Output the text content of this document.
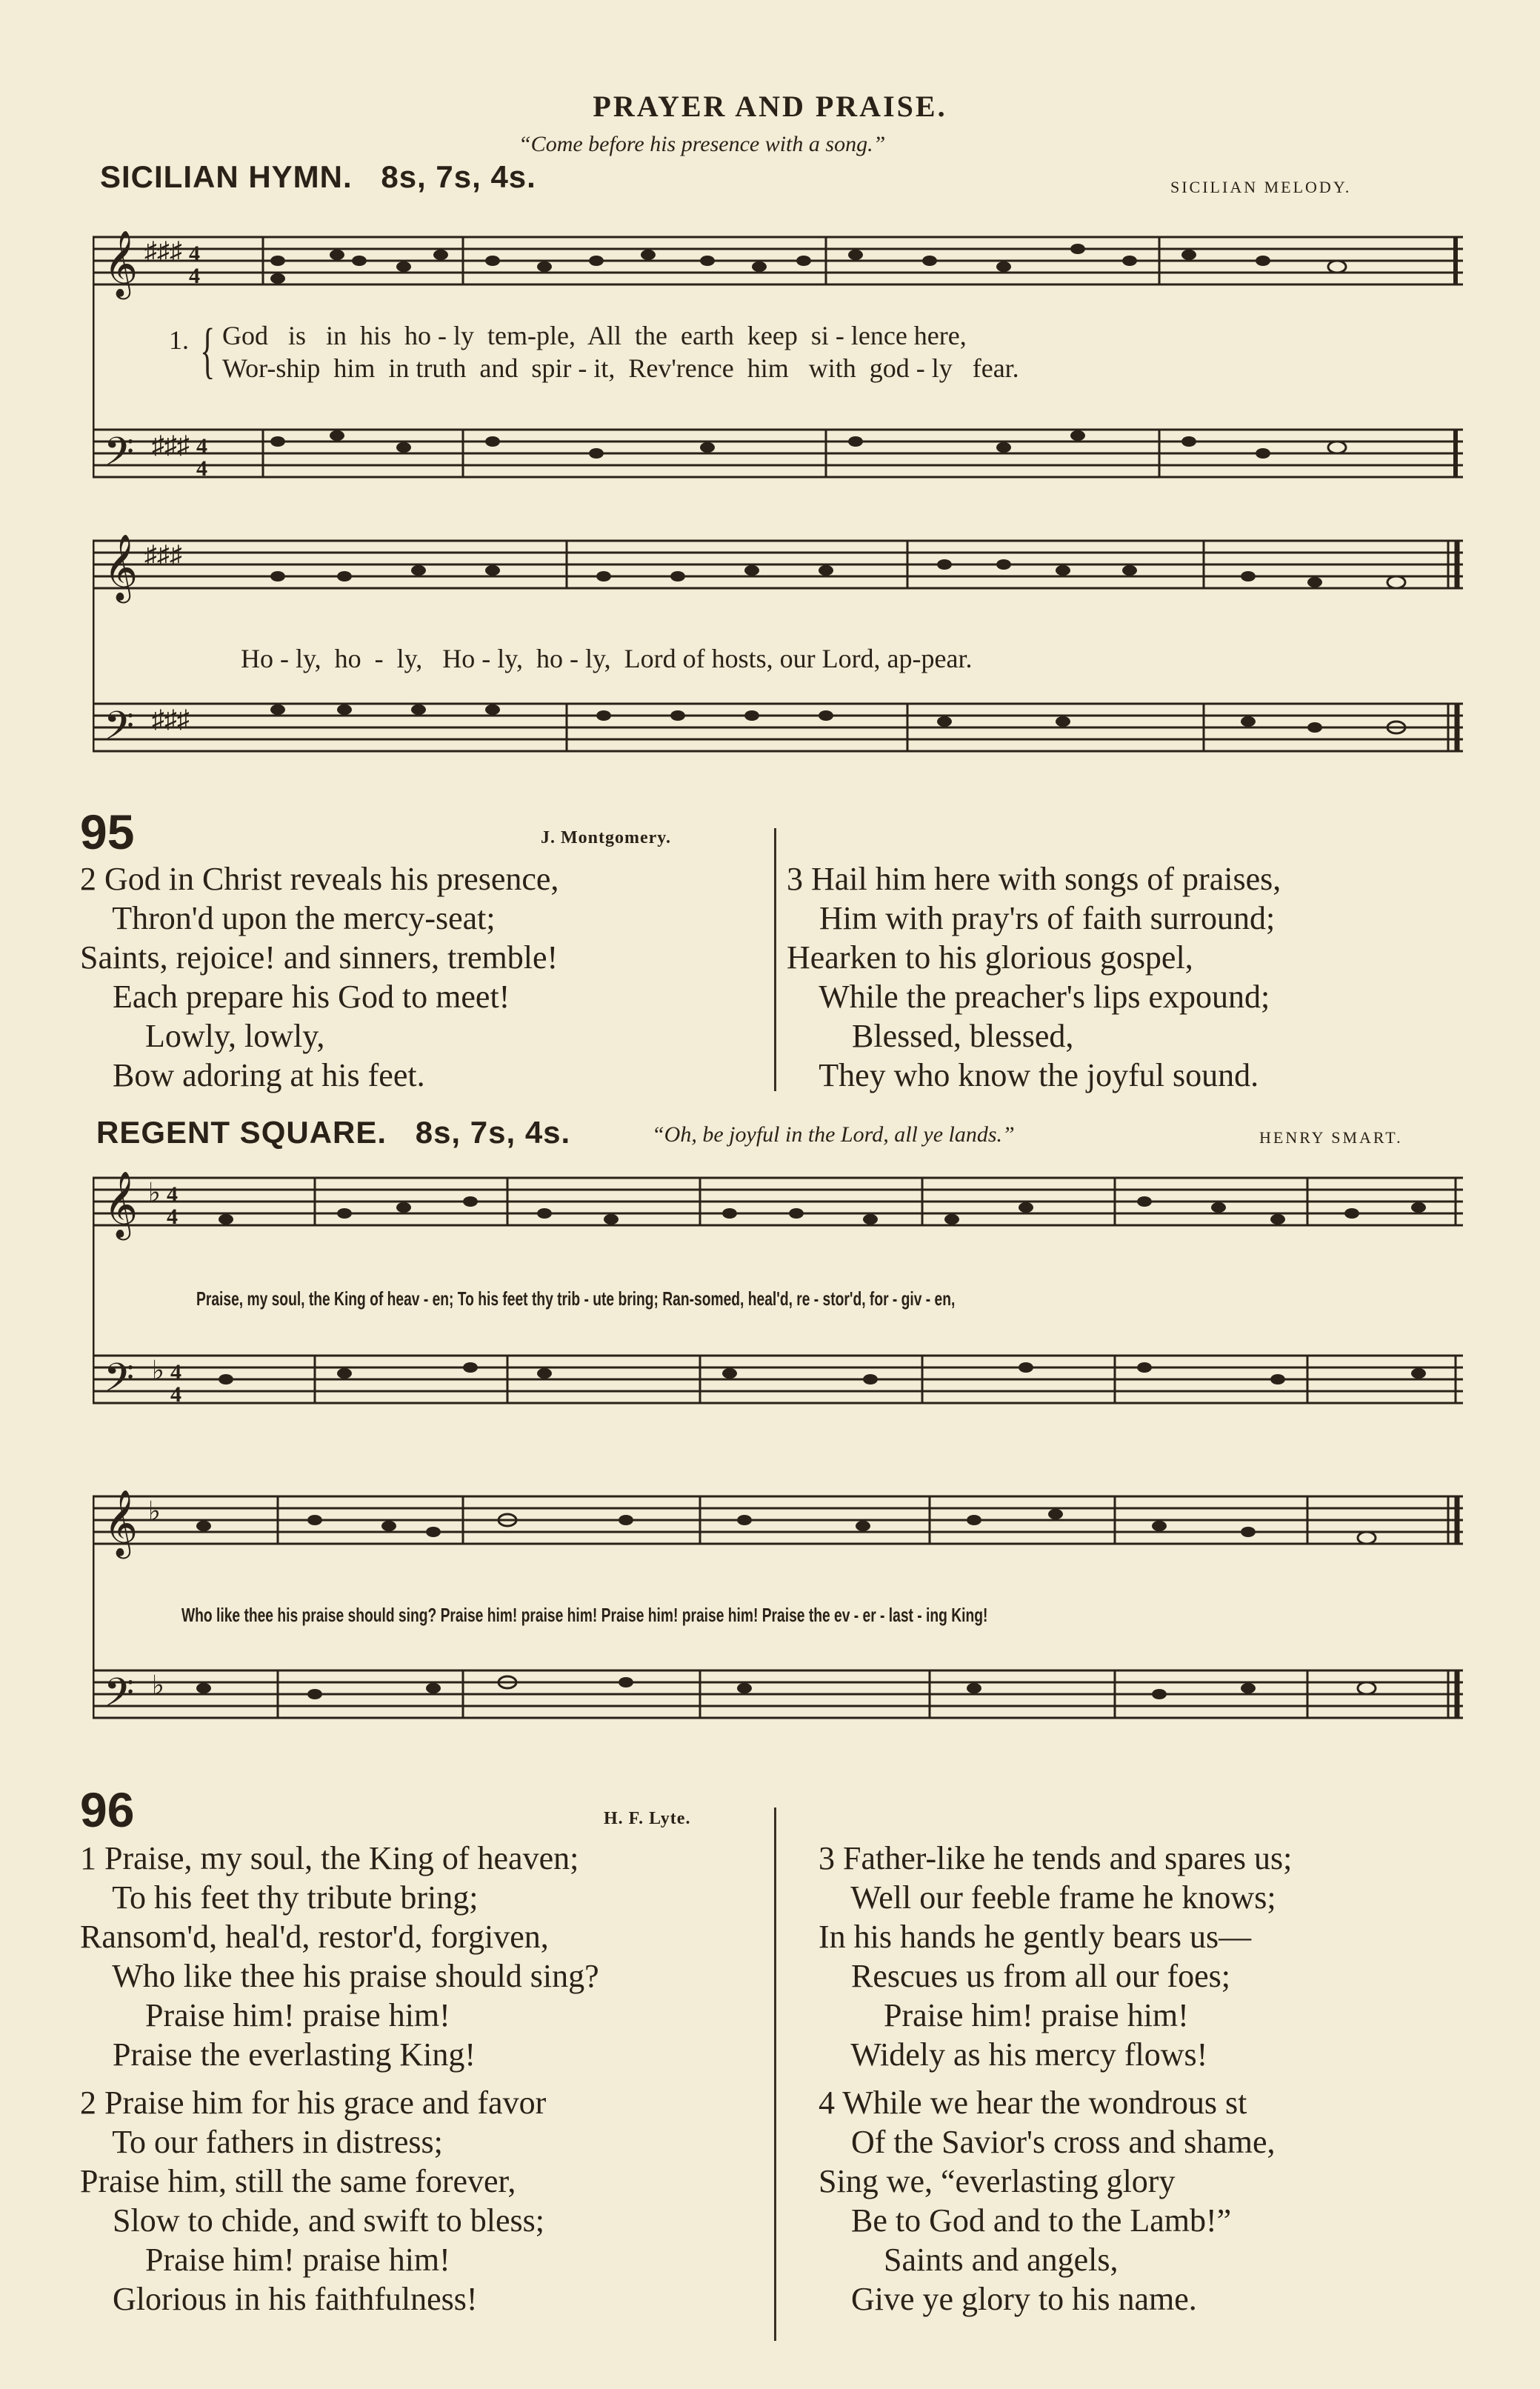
PRAYER AND PRAISE.
“Come before his presence with a song.”
SICILIAN HYMN. 8s, 7s, 4s.	SICILIAN MELODY.
𝄞 ♯♯♯ 4
4
𝄢 ♯♯♯ 4
4
1. { God   is   in  his  ho - ly  tem-ple,  All  the  earth  keep  si - lence here,
Wor-ship  him  in truth  and  spir - it,  Rev'rence  him   with  god - ly   fear.
𝄞 ♯♯♯
𝄢 ♯♯♯
Ho - ly,  ho  -  ly,   Ho - ly,  ho - ly,  Lord of hosts, our Lord, ap-pear.
95	J. Montgomery.
2 God in Christ reveals his presence,
Thron'd upon the mercy-seat;
Saints, rejoice! and sinners, tremble!
Each prepare his God to meet!
Lowly, lowly,
Bow adoring at his feet.
3 Hail him here with songs of praises,
Him with pray'rs of faith surround;
Hearken to his glorious gospel,
While the preacher's lips expound;
Blessed, blessed,
They who know the joyful sound.
REGENT SQUARE. 8s, 7s, 4s.	“Oh, be joyful in the Lord, all ye lands.”	HENRY SMART.
𝄞 ♭ 4
4
𝄢 ♭ 4
4
Praise, my soul, the King of heav - en; To his feet thy trib - ute bring; Ran-somed, heal'd, re - stor'd, for - giv - en,
𝄞 ♭
𝄢 ♭
Who like thee his praise should sing? Praise him! praise him! Praise him! praise him! Praise the ev - er - last - ing King!
96	H. F. Lyte.
1 Praise, my soul, the King of heaven;
To his feet thy tribute bring;
Ransom'd, heal'd, restor'd, forgiven,
Who like thee his praise should sing?
Praise him! praise him!
Praise the everlasting King!
2 Praise him for his grace and favor
To our fathers in distress;
Praise him, still the same forever,
Slow to chide, and swift to bless;
Praise him! praise him!
Glorious in his faithfulness!
3 Father-like he tends and spares us;
Well our feeble frame he knows;
In his hands he gently bears us—
Rescues us from all our foes;
Praise him! praise him!
Widely as his mercy flows!
4 While we hear the wondrous st
Of the Savior's cross and shame,
Sing we, “everlasting glory
Be to God and to the Lamb!”
Saints and angels,
Give ye glory to his name.
